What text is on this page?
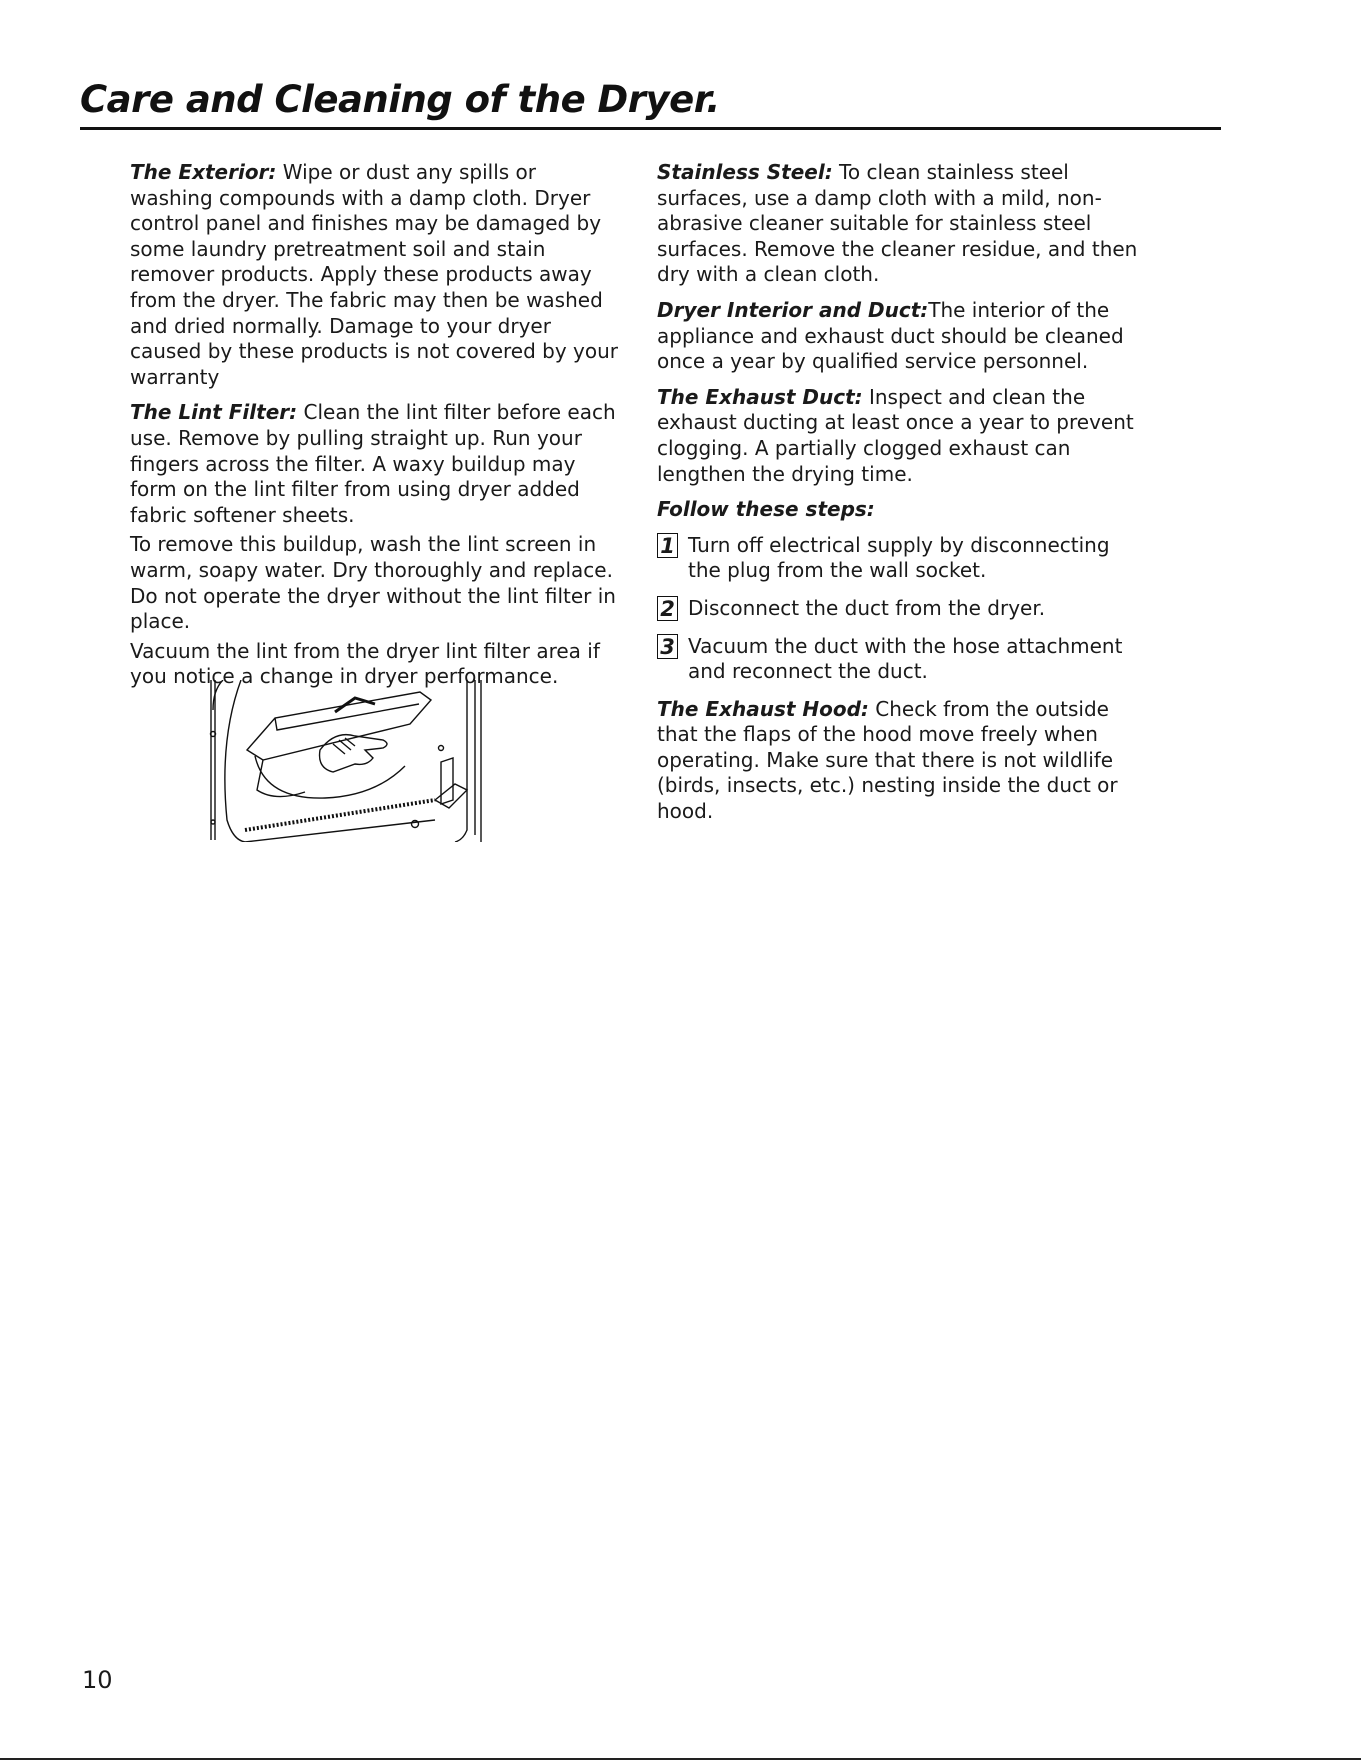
Care and Cleaning of the Dryer.

The Exterior: Wipe or dust any spills or washing compounds with a damp cloth. Dryer control panel and finishes may be damaged by some laundry pretreatment soil and stain remover products. Apply these products away from the dryer. The fabric may then be washed and dried normally. Damage to your dryer caused by these products is not covered by your warranty

The Lint Filter: Clean the lint filter before each use. Remove by pulling straight up. Run your fingers across the filter. A waxy buildup may form on the lint filter from using dryer added fabric softener sheets.

To remove this buildup, wash the lint screen in warm, soapy water. Dry thoroughly and replace. Do not operate the dryer without the lint filter in place.

Vacuum the lint from the dryer lint filter area if you notice a change in dryer performance.

Stainless Steel: To clean stainless steel surfaces, use a damp cloth with a mild, non-abrasive cleaner suitable for stainless steel surfaces. Remove the cleaner residue, and then dry with a clean cloth.

Dryer Interior and Duct:The interior of the appliance and exhaust duct should be cleaned once a year by qualified service personnel.

The Exhaust Duct: Inspect and clean the exhaust ducting at least once a year to prevent clogging. A partially clogged exhaust can lengthen the drying time.

Follow these steps:

1 Turn off electrical supply by disconnecting the plug from the wall socket.
2 Disconnect the duct from the dryer.
3 Vacuum the duct with the hose attachment and reconnect the duct.

The Exhaust Hood: Check from the outside that the flaps of the hood move freely when operating. Make sure that there is not wildlife (birds, insects, etc.) nesting inside the duct or hood.

10
